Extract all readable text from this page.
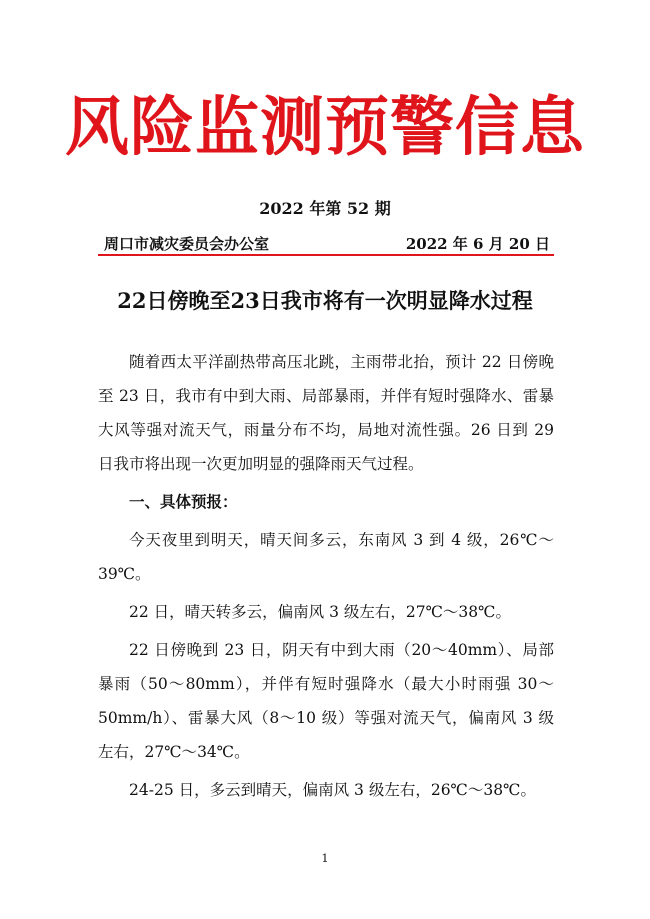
风险监测预警信息
2022 年第 52 期
周口市减灾委员会办公室	2022 年 6 月 20 日
22日傍晚至23日我市将有一次明显降水过程

随着西太平洋副热带高压北跳，主雨带北抬，预计 22 日傍晚至 23 日，我市有中到大雨、局部暴雨，并伴有短时强降水、雷暴大风等强对流天气，雨量分布不均，局地对流性强。26 日到 29 日我市将出现一次更加明显的强降雨天气过程。

一、具体预报：

今天夜里到明天，晴天间多云，东南风 3 到 4 级，26℃～39℃。

22 日，晴天转多云，偏南风 3 级左右，27℃～38℃。

22 日傍晚到 23 日，阴天有中到大雨（20～40mm）、局部暴雨（50～80mm），并伴有短时强降水（最大小时雨强 30～50mm/h）、雷暴大风（8～10 级）等强对流天气，偏南风 3 级 左右，27℃～34℃。

24-25 日，多云到晴天，偏南风 3 级左右，26℃～38℃。

1
